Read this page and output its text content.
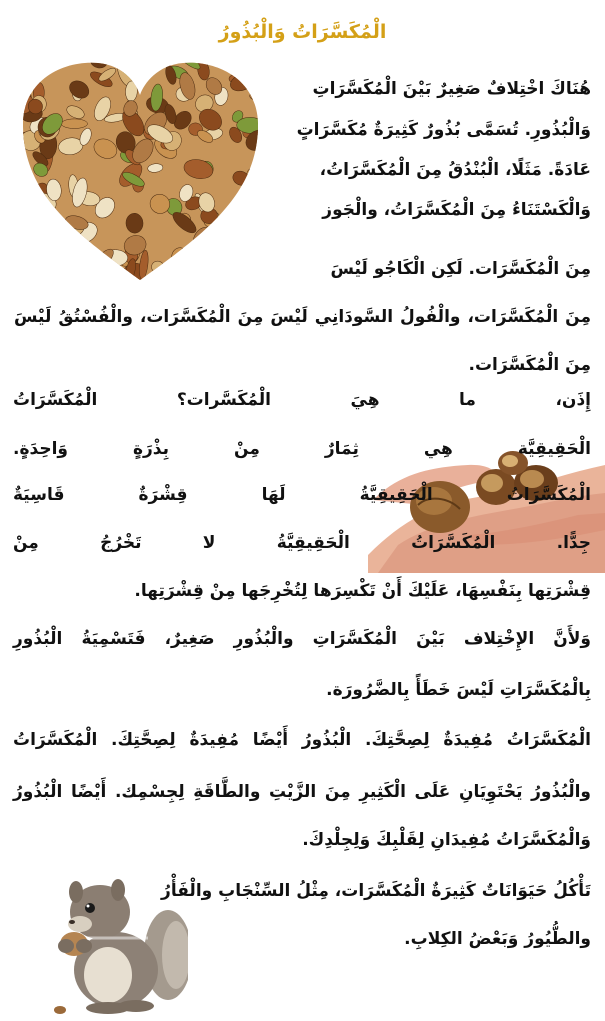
الْمُكَسَّرَاتُ وَالْبُذُورُ
هُنَاكَ اخْتِلافٌ صَغِيرٌ بَيْنَ الْمُكَسَّرَاتِ
وَالْبُذُورِ. تُسَمَّى بُذُورٌ كَثِيرَةٌ مُكَسَّرَاتٍ
عَادَةً. مَثَلًا، الْبُنْدُقُ مِنَ الْمُكَسَّرَاتُ،
وَالْكَسْتَنَاءُ مِنَ الْمُكَسَّرَاتُ، والْجَوز
مِنَ الْمُكَسَّرَات. لَكِن الْكَاجُو لَيْسَ
مِنَ الْمُكَسَّرَات، والْفُولُ السَّودَانِي لَيْسَ مِنَ الْمُكَسَّرَات، والْفُسْتُقُ لَيْسَ
مِنَ الْمُكَسَّرَات.
إِذَن، ما هِيَ الْمُكَسَّرات؟ الْمُكَسَّرَاتُ
الْحَقِيقِيَّة هِي ثِمَارٌ مِنْ بِذْرَةٍ وَاحِدَةٍ.
الْمُكَسَّرَاتُ الْحَقِيقِيَّةُ لَهَا قِشْرَةٌ قَاسِيَةٌ
جِدًّا. الْمُكَسَّرَاتُ الْحَقِيقِيَّةُ لا تَخْرُجُ مِنْ
قِشْرَتِها بِنَفْسِهَا، عَلَيْكَ أَنْ تَكْسِرَها لِتُخْرِجَها مِنْ قِشْرَتِها.
وَلأَنَّ الإِخْتِلاف بَيْنَ الْمُكَسَّرَاتِ والْبُذُورِ صَغِيرٌ، فَتَسْمِيَةُ الْبُذُورِ
بِالْمُكَسَّرَاتِ لَيْسَ خَطَأً بِالضَّرُورَة.
الْمُكَسَّرَاتُ مُفِيدَةٌ لِصِحَّتِكَ. الْبُذُورُ أَيْضًا مُفِيدَةٌ لِصِحَّتِكَ. الْمُكَسَّرَاتُ
والْبُذُورُ يَحْتَوِيَانِ عَلَى الْكَثِيرِ مِنَ الزَّيْتِ والطَّاقَةِ لِجِسْمِك. أَيْضًا الْبُذُورُ
وَالْمُكَسَّرَاتُ مُفِيدَانِ لِقَلْبِكَ وَلِجِلْدِكَ.
تَأْكُلُ حَيَوَانَاتٌ كَثِيرَةٌ الْمُكَسَّرَات، مِثْلُ السِّنْجَابِ والْفَأْرُ
والطُّيُورُ وَبَعْضُ الكِلابِ.
